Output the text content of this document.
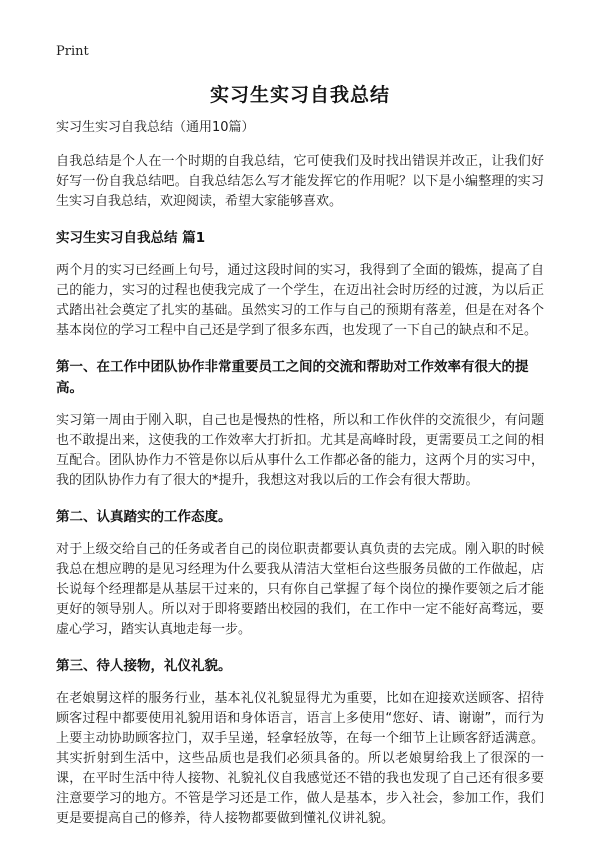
Print
实习生实习自我总结
实习生实习自我总结（通用10篇）

自我总结是个人在一个时期的自我总结，它可使我们及时找出错误并改正，让我们好好写一份自我总结吧。自我总结怎么写才能发挥它的作用呢？以下是小编整理的实习生实习自我总结，欢迎阅读，希望大家能够喜欢。

实习生实习自我总结 篇1

两个月的实习已经画上句号，通过这段时间的实习，我得到了全面的锻炼，提高了自己的能力，实习的过程也使我完成了一个学生，在迈出社会时历经的过渡，为以后正式踏出社会奠定了扎实的基础。虽然实习的工作与自己的预期有落差，但是在对各个基本岗位的学习工程中自己还是学到了很多东西，也发现了一下自己的缺点和不足。

第一、在工作中团队协作非常重要员工之间的交流和帮助对工作效率有很大的提高。

实习第一周由于刚入职，自己也是慢热的性格，所以和工作伙伴的交流很少，有问题也不敢提出来，这使我的工作效率大打折扣。尤其是高峰时段，更需要员工之间的相互配合。团队协作力不管是你以后从事什么工作都必备的能力，这两个月的实习中，我的团队协作力有了很大的*提升，我想这对我以后的工作会有很大帮助。

第二、认真踏实的工作态度。

对于上级交给自己的任务或者自己的岗位职责都要认真负责的去完成。刚入职的时候我总在想应聘的是见习经理为什么要我从清洁大堂柜台这些服务员做的工作做起，店长说每个经理都是从基层干过来的，只有你自己掌握了每个岗位的操作要领之后才能更好的领导别人。所以对于即将要踏出校园的我们，在工作中一定不能好高骛远，要虚心学习，踏实认真地走每一步。

第三、待人接物，礼仪礼貌。

在老娘舅这样的服务行业，基本礼仪礼貌显得尤为重要，比如在迎接欢送顾客、招待顾客过程中都要使用礼貌用语和身体语言，语言上多使用“您好、请、谢谢”，而行为上要主动协助顾客拉门，双手呈递，轻拿轻放等，在每一个细节上让顾客舒适满意。其实折射到生活中，这些品质也是我们必须具备的。所以老娘舅给我上了很深的一课，在平时生活中待人接物、礼貌礼仪自我感觉还不错的我也发现了自己还有很多要注意要学习的地方。不管是学习还是工作，做人是基本，步入社会，参加工作，我们更是要提高自己的修养，待人接物都要做到懂礼仪讲礼貌。
